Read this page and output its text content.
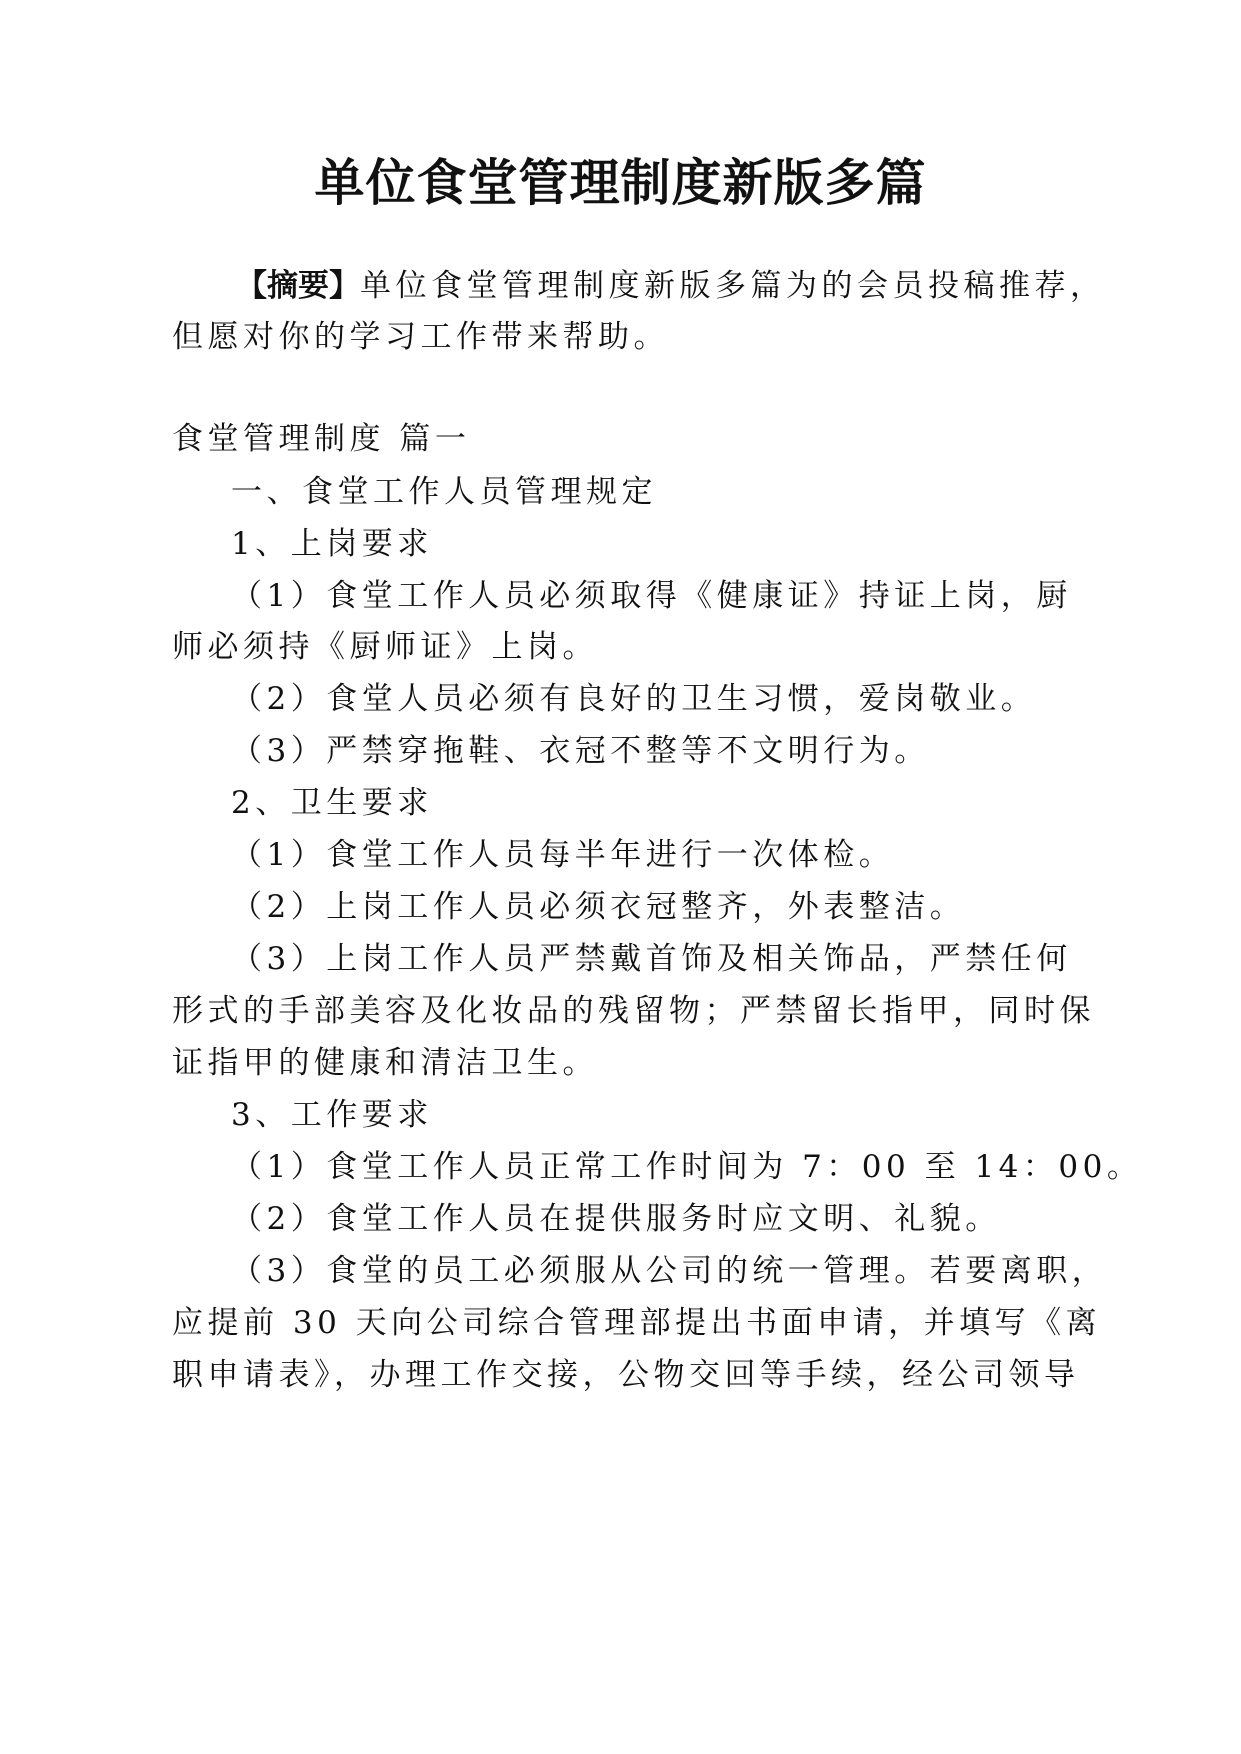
单位食堂管理制度新版多篇
【摘要】单位食堂管理制度新版多篇为的会员投稿推荐，
但愿对你的学习工作带来帮助。
食堂管理制度 篇一
一、食堂工作人员管理规定
1、上岗要求
（1）食堂工作人员必须取得《健康证》持证上岗，厨
师必须持《厨师证》上岗。
（2）食堂人员必须有良好的卫生习惯，爱岗敬业。
（3）严禁穿拖鞋、衣冠不整等不文明行为。
2、卫生要求
（1）食堂工作人员每半年进行一次体检。
（2）上岗工作人员必须衣冠整齐，外表整洁。
（3）上岗工作人员严禁戴首饰及相关饰品，严禁任何
形式的手部美容及化妆品的残留物；严禁留长指甲，同时保
证指甲的健康和清洁卫生。
3、工作要求
（1）食堂工作人员正常工作时间为 7：00 至 14：00。
（2）食堂工作人员在提供服务时应文明、礼貌。
（3）食堂的员工必须服从公司的统一管理。若要离职，
应提前 30 天向公司综合管理部提出书面申请，并填写《离
职申请表》，办理工作交接，公物交回等手续，经公司领导
